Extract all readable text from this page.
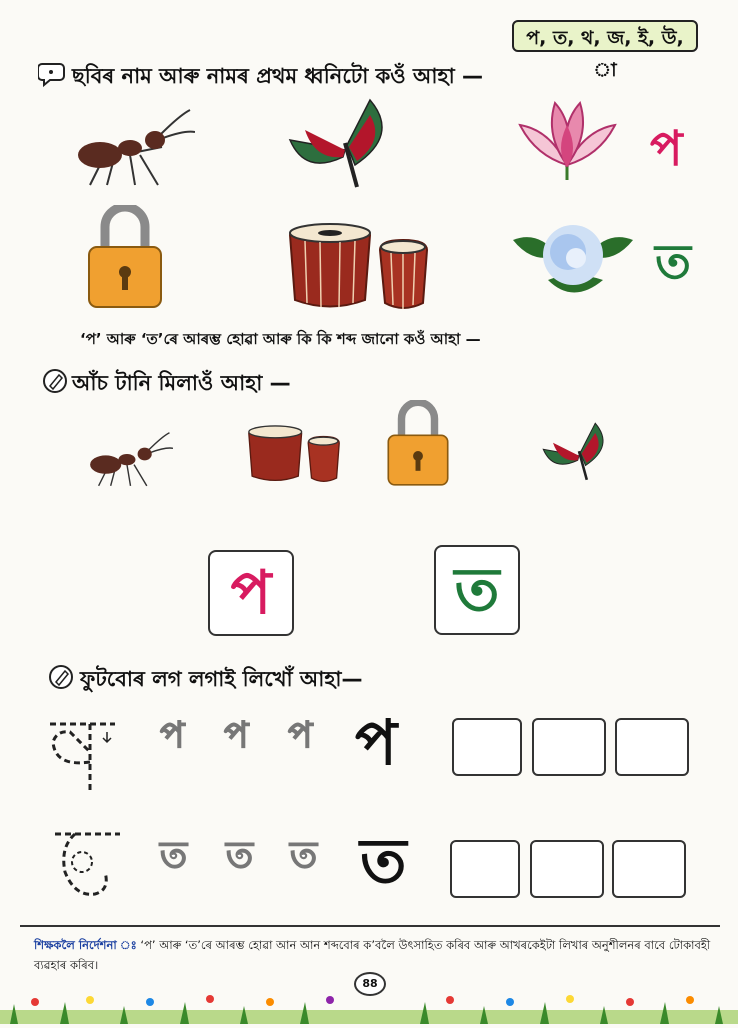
প, ত, থ, জ, ই, উ, া
ছবিৰ নাম আৰু নামৰ প্ৰথম ধ্বনিটো কওঁ আহা —
প
ত
‘প’ আৰু ‘ত’ৰে আৰম্ভ হোৱা আৰু কি কি শব্দ জানো কওঁ আহা —
আঁচ টানি মিলাওঁ আহা —
প	ত
ফুটবোৰ লগ লগাই লিখোঁ আহা—
প প প প
ত ত ত ত
শিক্ষকলৈ নিৰ্দেশনা ঃ ‘প’ আৰু ‘ত’ৰে আৰম্ভ হোৱা আন আন শব্দবোৰ ক’বলৈ উৎসাহিত কৰিব আৰু আখৰকেইটা লিখাৰ অনুশীলনৰ বাবে টোকাবহী ব্যৱহাৰ কৰিব।
88
